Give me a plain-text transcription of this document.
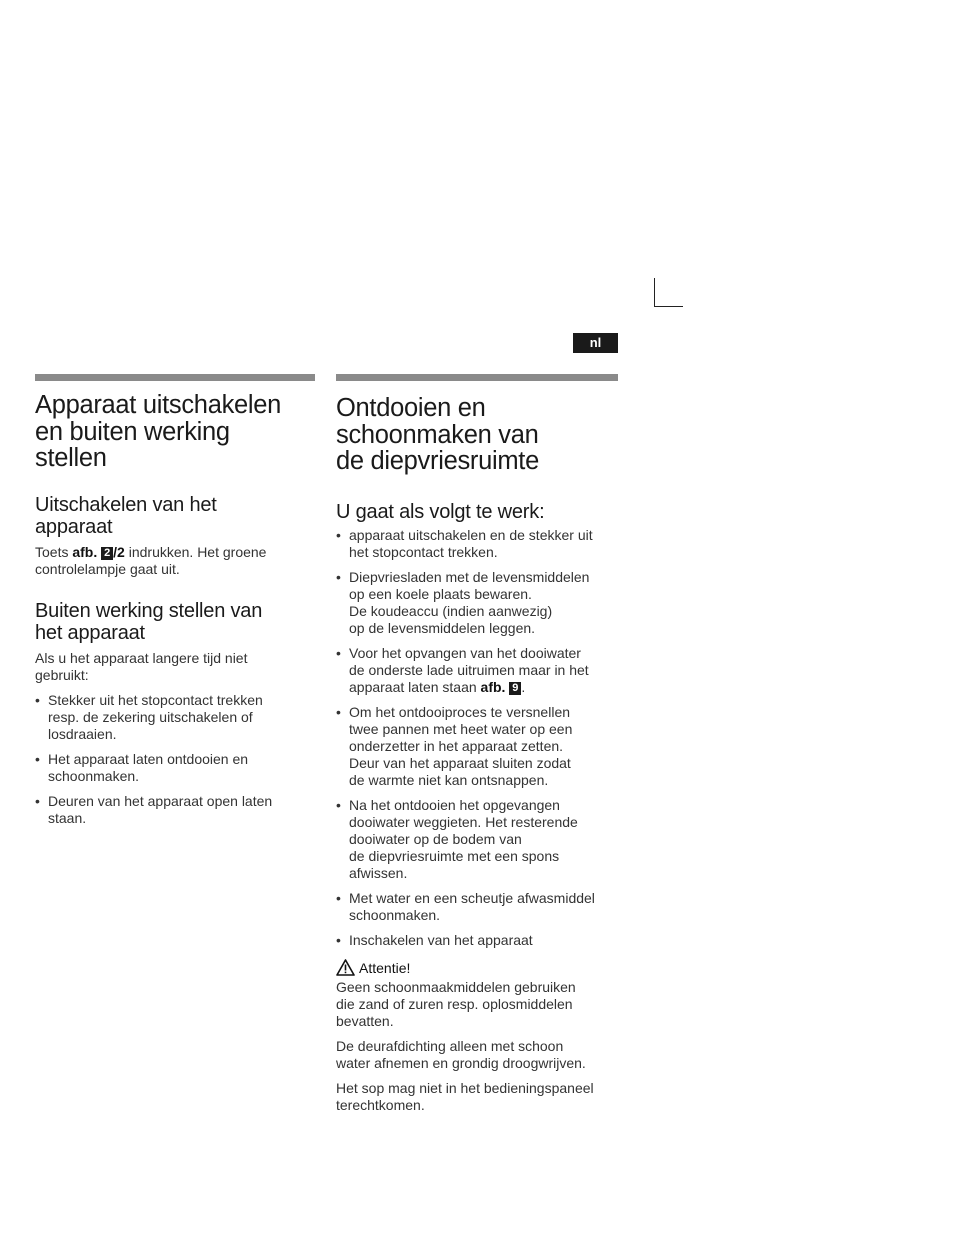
nl
Apparaat uitschakelen
en buiten werking
stellen
Uitschakelen van het
apparaat

Toets afb. 2 /2 indrukken. Het groene
controlelampje gaat uit.

Buiten werking stellen van
het apparaat

Als u het apparaat langere tijd niet
gebruikt:

• Stekker uit het stopcontact trekken
resp. de zekering uitschakelen of
losdraaien.
• Het apparaat laten ontdooien en
schoonmaken.
• Deuren van het apparaat open laten
staan.
Ontdooien en
schoonmaken van
de diepvriesruimte
U gaat als volgt te werk:
• apparaat uitschakelen en de stekker uit
het stopcontact trekken.
• Diepvriesladen met de levensmiddelen
op een koele plaats bewaren.
De koudeaccu (indien aanwezig)
op de levensmiddelen leggen.
• Voor het opvangen van het dooiwater
de onderste lade uitruimen maar in het
apparaat laten staan afb. 9 .
• Om het ontdooiproces te versnellen
twee pannen met heet water op een
onderzetter in het apparaat zetten.
Deur van het apparaat sluiten zodat
de warmte niet kan ontsnappen.
• Na het ontdooien het opgevangen
dooiwater weggieten. Het resterende
dooiwater op de bodem van
de diepvriesruimte met een spons
afwissen.
• Met water en een scheutje afwasmiddel
schoonmaken.
• Inschakelen van het apparaat
Attentie!

Geen schoonmaakmiddelen gebruiken
die zand of zuren resp. oplosmiddelen
bevatten.

De deurafdichting alleen met schoon
water afnemen en grondig droogwrijven.

Het sop mag niet in het bedieningspaneel
terechtkomen.
